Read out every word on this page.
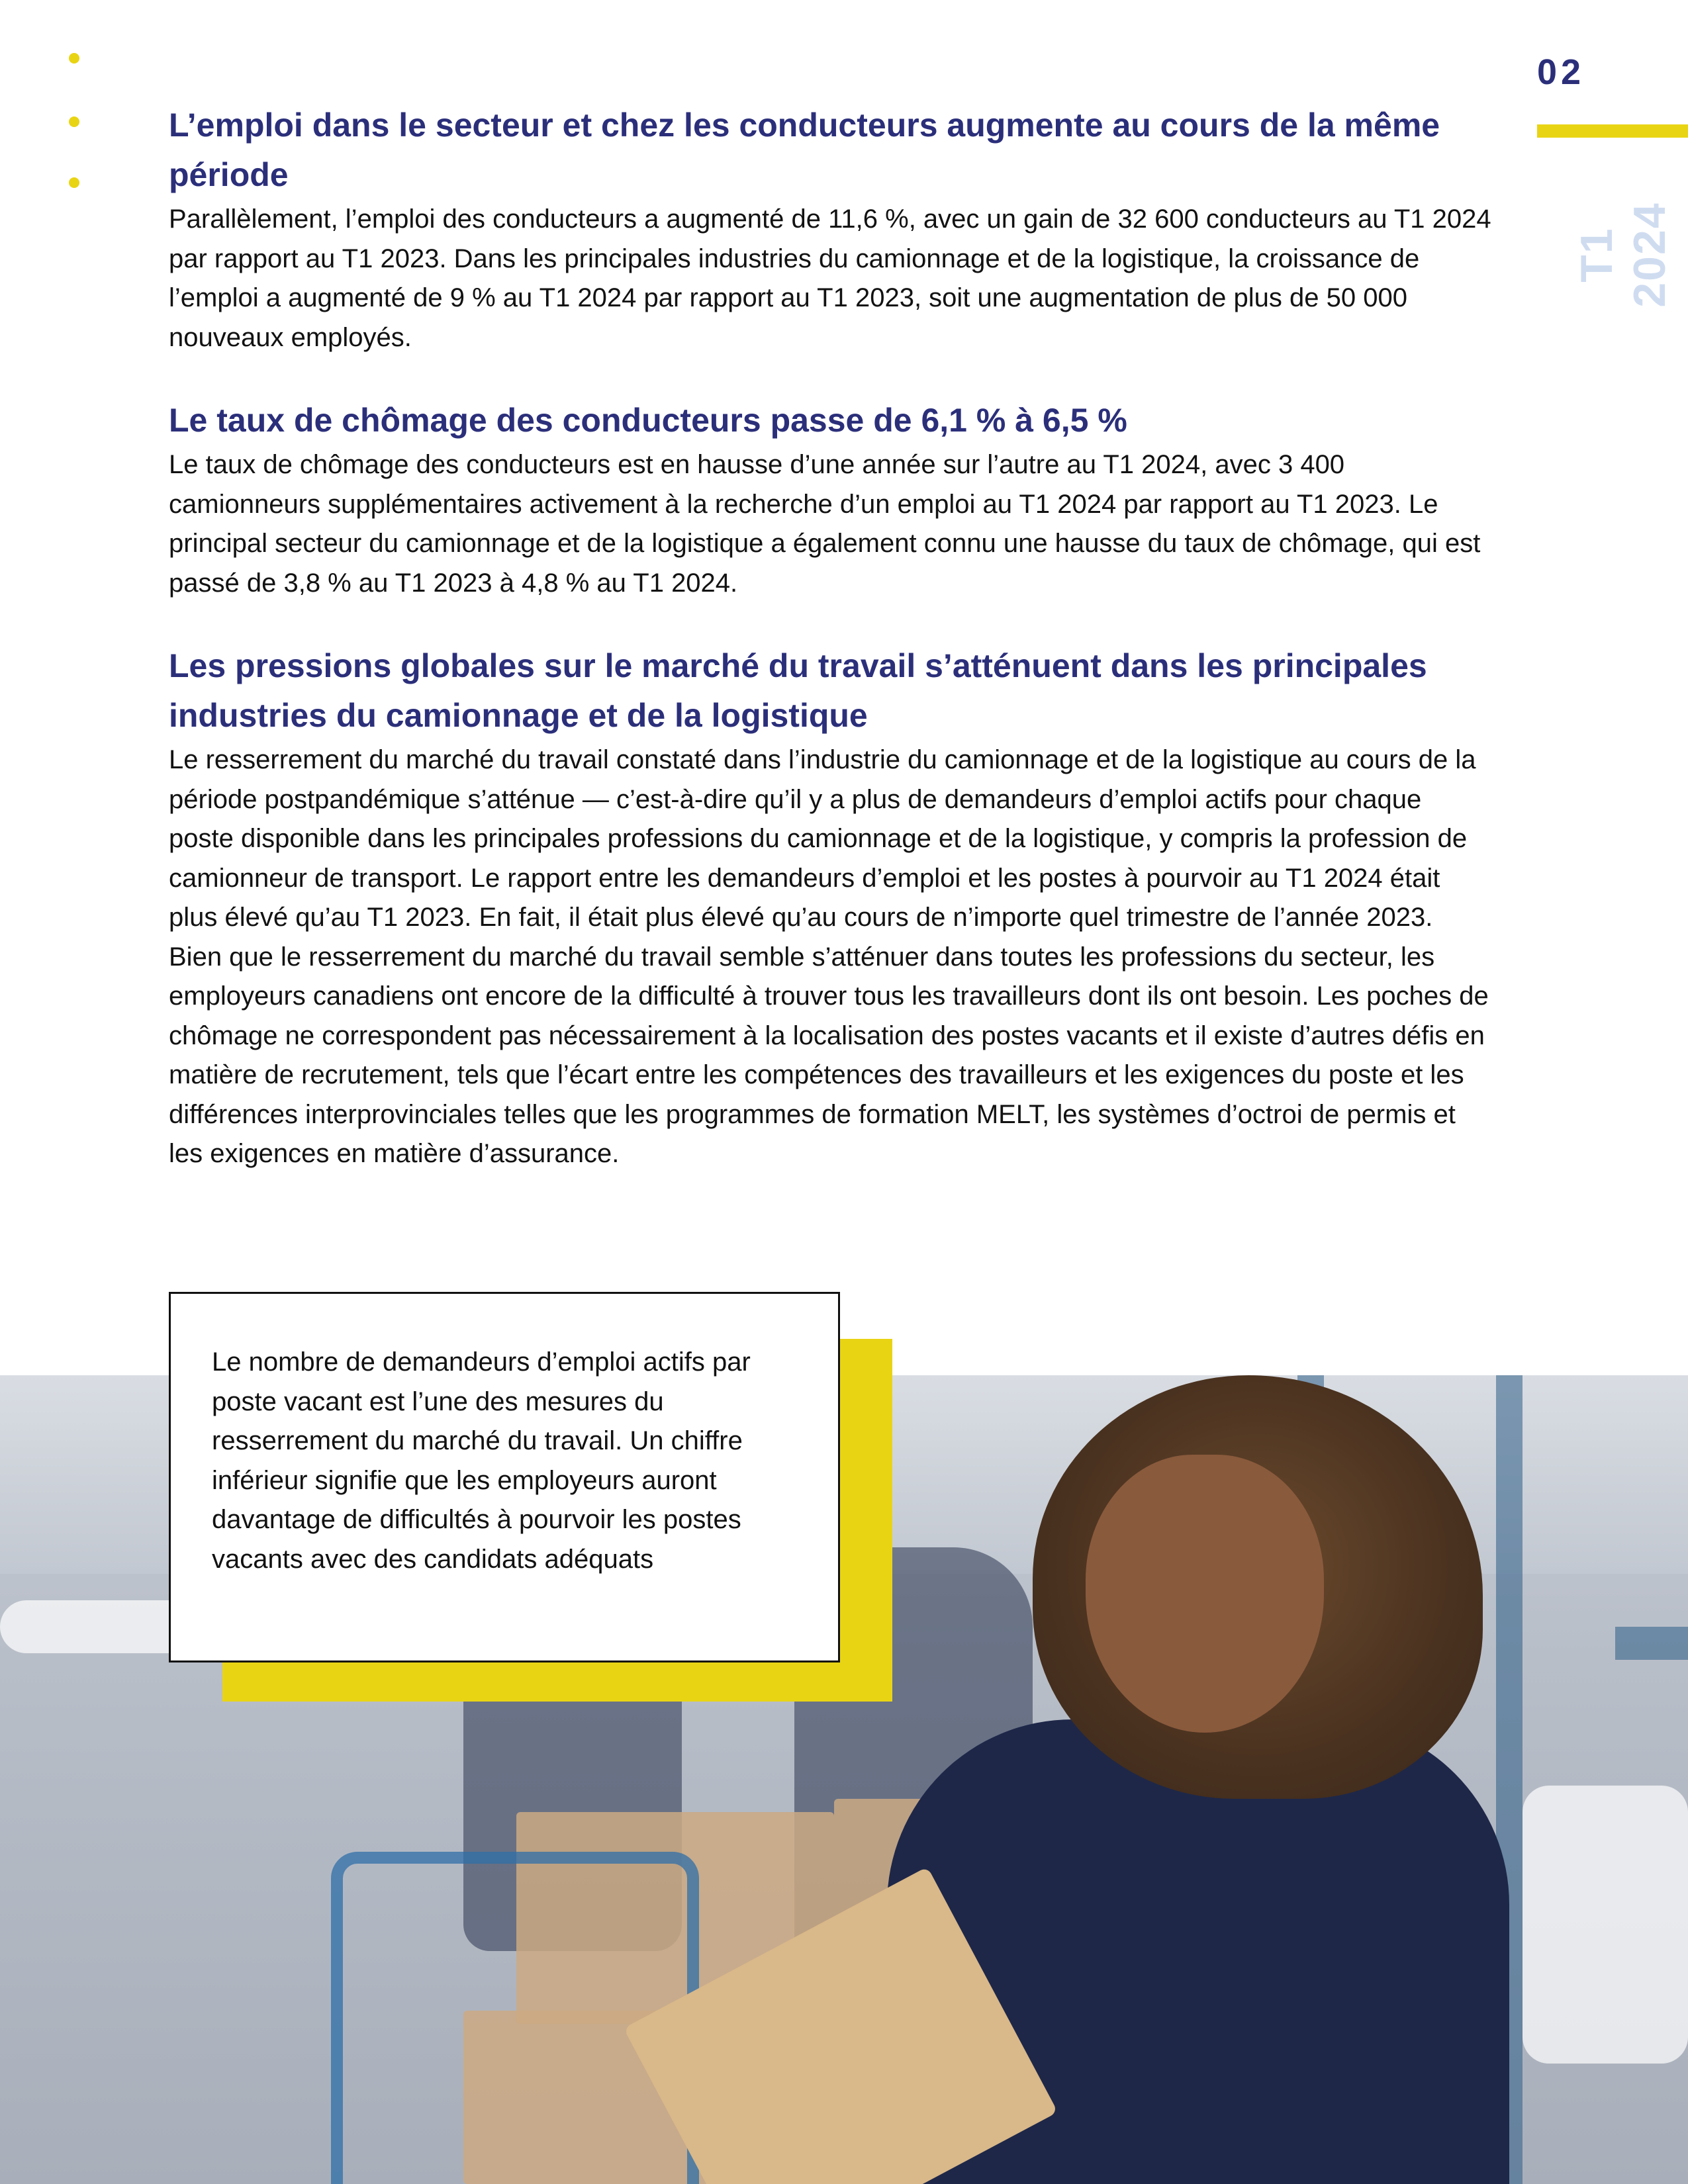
02
T1 2024
L’emploi dans le secteur et chez les conducteurs augmente au cours de la même période

Parallèlement, l’emploi des conducteurs a augmenté de 11,6 %, avec un gain de 32 600 conducteurs au T1 2024 par rapport au T1 2023. Dans les principales industries du camionnage et de la logistique, la croissance de l’emploi a augmenté de 9 % au T1 2024 par rapport au T1 2023, soit une augmentation de plus de 50 000 nouveaux employés.

Le taux de chômage des conducteurs passe de 6,1 % à 6,5 %

Le taux de chômage des conducteurs est en hausse d’une année sur l’autre au T1 2024, avec 3 400 camionneurs supplémentaires activement à la recherche d’un emploi au T1 2024 par rapport au T1 2023. Le principal secteur du camionnage et de la logistique a également connu une hausse du taux de chômage, qui est passé de 3,8 % au T1 2023 à 4,8 % au T1 2024.

Les pressions globales sur le marché du travail s’atténuent dans les principales industries du camionnage et de la logistique

Le resserrement du marché du travail constaté dans l’industrie du camionnage et de la logistique au cours de la période postpandémique s’atténue — c’est-à-dire qu’il y a plus de demandeurs d’emploi actifs pour chaque poste disponible dans les principales professions du camionnage et de la logistique, y compris la profession de camionneur de transport. Le rapport entre les demandeurs d’emploi et les postes à pourvoir au T1 2024 était plus élevé qu’au T1 2023. En fait, il était plus élevé qu’au cours de n’importe quel trimestre de l’année 2023. Bien que le resserrement du marché du travail semble s’atténuer dans toutes les professions du secteur, les employeurs canadiens ont encore de la difficulté à trouver tous les travailleurs dont ils ont besoin. Les poches de chômage ne correspondent pas nécessairement à la localisation des postes vacants et il existe d’autres défis en matière de recrutement, tels que l’écart entre les compétences des travailleurs et les exigences du poste et les différences interprovinciales telles que les programmes de formation MELT, les systèmes d’octroi de permis et les exigences en matière d’assurance.

Le nombre de demandeurs d’emploi actifs par poste vacant est l’une des mesures du resserrement du marché du travail. Un chiffre inférieur signifie que les employeurs auront davantage de difficultés à pourvoir les postes vacants avec des candidats adéquats
